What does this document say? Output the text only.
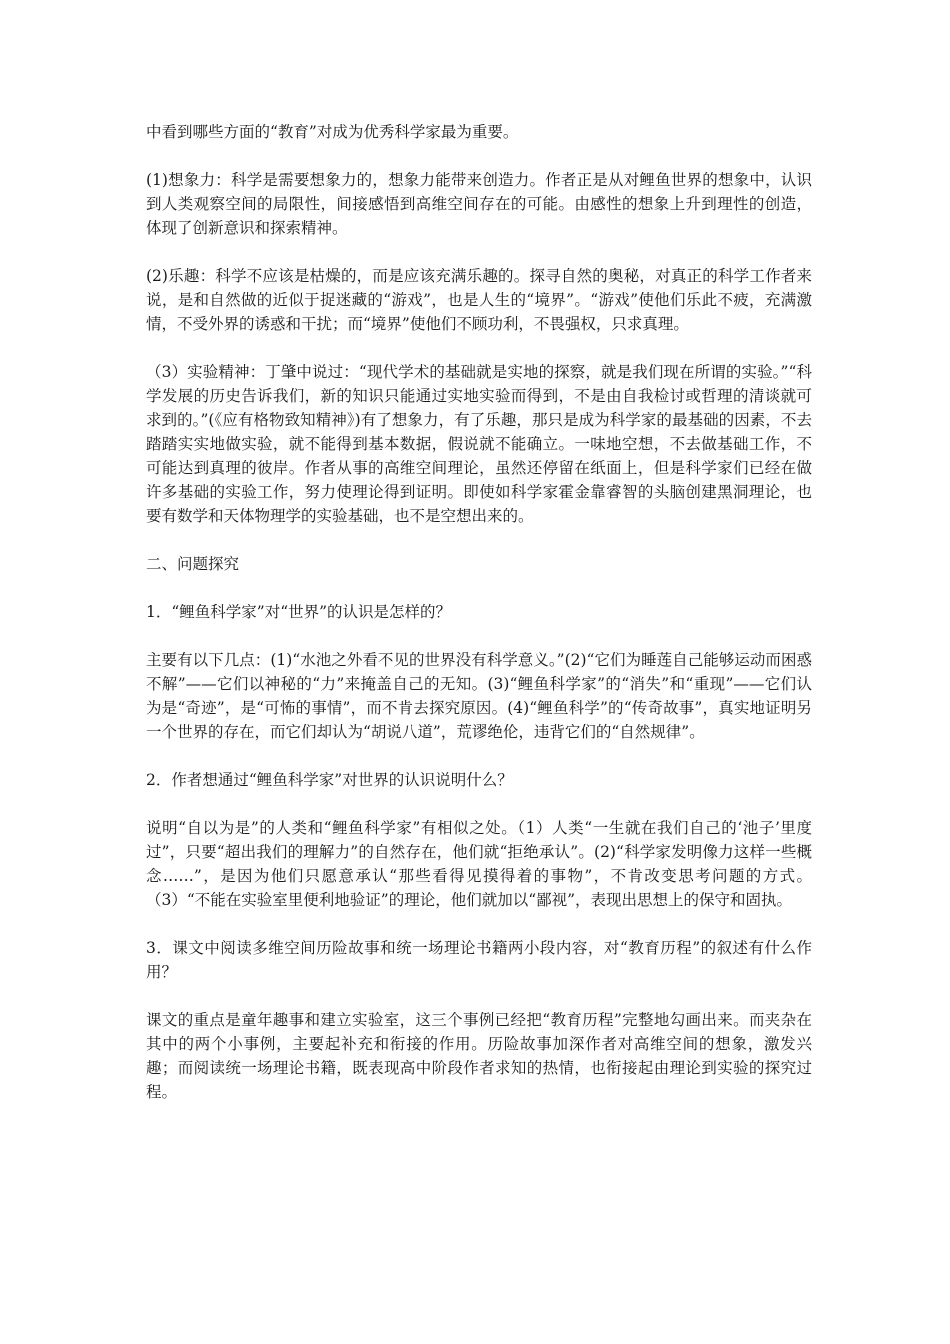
中看到哪些方面的“教育”对成为优秀科学家最为重要。

(1)想象力：科学是需要想象力的，想象力能带来创造力。作者正是从对鲤鱼世界的想象中，认识到人类观察空间的局限性，间接感悟到高维空间存在的可能。由感性的想象上升到理性的创造，体现了创新意识和探索精神。

(2)乐趣：科学不应该是枯燥的，而是应该充满乐趣的。探寻自然的奥秘，对真正的科学工作者来说，是和自然做的近似于捉迷藏的“游戏”，也是人生的“境界”。“游戏”使他们乐此不疲，充满激情，不受外界的诱惑和干扰；而“境界”使他们不顾功利，不畏强权，只求真理。

（3）实验精神：丁肇中说过：“现代学术的基础就是实地的探察，就是我们现在所谓的实验。”“科学发展的历史告诉我们，新的知识只能通过实地实验而得到，不是由自我检讨或哲理的清谈就可求到的。”(《应有格物致知精神》)有了想象力，有了乐趣，那只是成为科学家的最基础的因素，不去踏踏实实地做实验，就不能得到基本数据，假说就不能确立。一味地空想，不去做基础工作，不可能达到真理的彼岸。作者从事的高维空间理论，虽然还停留在纸面上，但是科学家们已经在做许多基础的实验工作，努力使理论得到证明。即使如科学家霍金靠睿智的头脑创建黑洞理论，也要有数学和天体物理学的实验基础，也不是空想出来的。

二、问题探究

1．“鲤鱼科学家”对“世界”的认识是怎样的？

主要有以下几点：(1)“水池之外看不见的世界没有科学意义。”(2)“它们为睡莲自己能够运动而困惑不解”——它们以神秘的“力”来掩盖自己的无知。(3)“鲤鱼科学家”的“消失”和“重现”——它们认为是“奇迹”，是“可怖的事情”，而不肯去探究原因。(4)“鲤鱼科学”的“传奇故事”，真实地证明另一个世界的存在，而它们却认为“胡说八道”，荒谬绝伦，违背它们的“自然规律”。

2．作者想通过“鲤鱼科学家”对世界的认识说明什么？

说明“自以为是”的人类和“鲤鱼科学家”有相似之处。（1）人类“一生就在我们自己的‘池子’里度过”，只要“超出我们的理解力”的自然存在，他们就“拒绝承认”。(2)“科学家发明像力这样一些概念……”，是因为他们只愿意承认“那些看得见摸得着的事物”，不肯改变思考问题的方式。（3）“不能在实验室里便利地验证”的理论，他们就加以“鄙视”，表现出思想上的保守和固执。

3．课文中阅读多维空间历险故事和统一场理论书籍两小段内容，对“教育历程”的叙述有什么作用？

课文的重点是童年趣事和建立实验室，这三个事例已经把“教育历程”完整地勾画出来。而夹杂在其中的两个小事例，主要起补充和衔接的作用。历险故事加深作者对高维空间的想象，激发兴趣；而阅读统一场理论书籍，既表现高中阶段作者求知的热情，也衔接起由理论到实验的探究过程。
